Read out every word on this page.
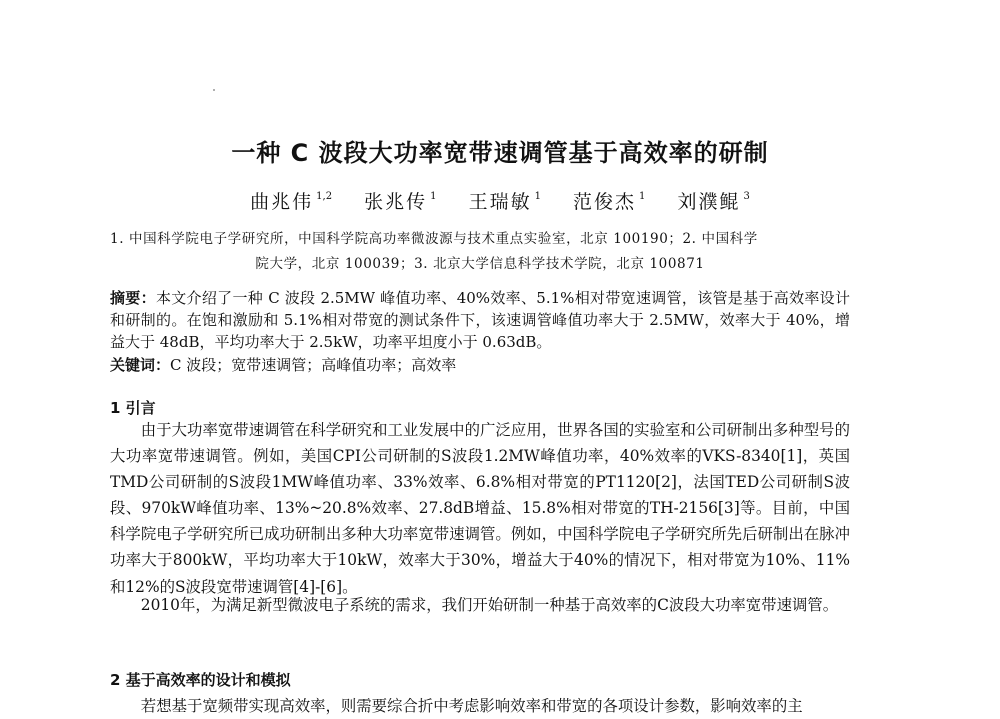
一种 C 波段大功率宽带速调管基于高效率的研制
曲兆伟 $^{1,2}$ 张兆传 $^1$ 王瑞敏 $^1$ 范俊杰 $^1$ 刘濮鲲 $^3$

1. 中国科学院电子学研究所，中国科学院高功率微波源与技术重点实验室，北京 100190；2. 中国科学

院大学，北京 100039；3. 北京大学信息科学技术学院，北京 100871

摘要：本文介绍了一种 C 波段 2.5MW 峰值功率、40%效率、5.1%相对带宽速调管，该管是基于高效率设计和研制的。在饱和激励和 5.1%相对带宽的测试条件下，该速调管峰值功率大于 2.5MW，效率大于 40%，增益大于 48dB，平均功率大于 2.5kW，功率平坦度小于 0.63dB。

关键词：C 波段；宽带速调管；高峰值功率；高效率

1 引言

由于大功率宽带速调管在科学研究和工业发展中的广泛应用，世界各国的实验室和公司研制出多种型号的大功率宽带速调管。例如，美国CPI公司研制的S波段1.2MW峰值功率，40%效率的VKS-8340[1]，英国TMD公司研制的S波段1MW峰值功率、33%效率、6.8%相对带宽的PT1120[2]，法国TED公司研制S波段、970kW峰值功率、13%~20.8%效率、27.8dB增益、15.8%相对带宽的TH-2156[3]等。目前，中国科学院电子学研究所已成功研制出多种大功率宽带速调管。例如，中国科学院电子学研究所先后研制出在脉冲功率大于800kW，平均功率大于10kW，效率大于30%，增益大于40%的情况下，相对带宽为10%、11%和12%的S波段宽带速调管[4]-[6]。

2010年，为满足新型微波电子系统的需求，我们开始研制一种基于高效率的C波段大功率宽带速调管。

2 基于高效率的设计和模拟

若想基于宽频带实现高效率，则需要综合折中考虑影响效率和带宽的各项设计参数，影响效率的主
